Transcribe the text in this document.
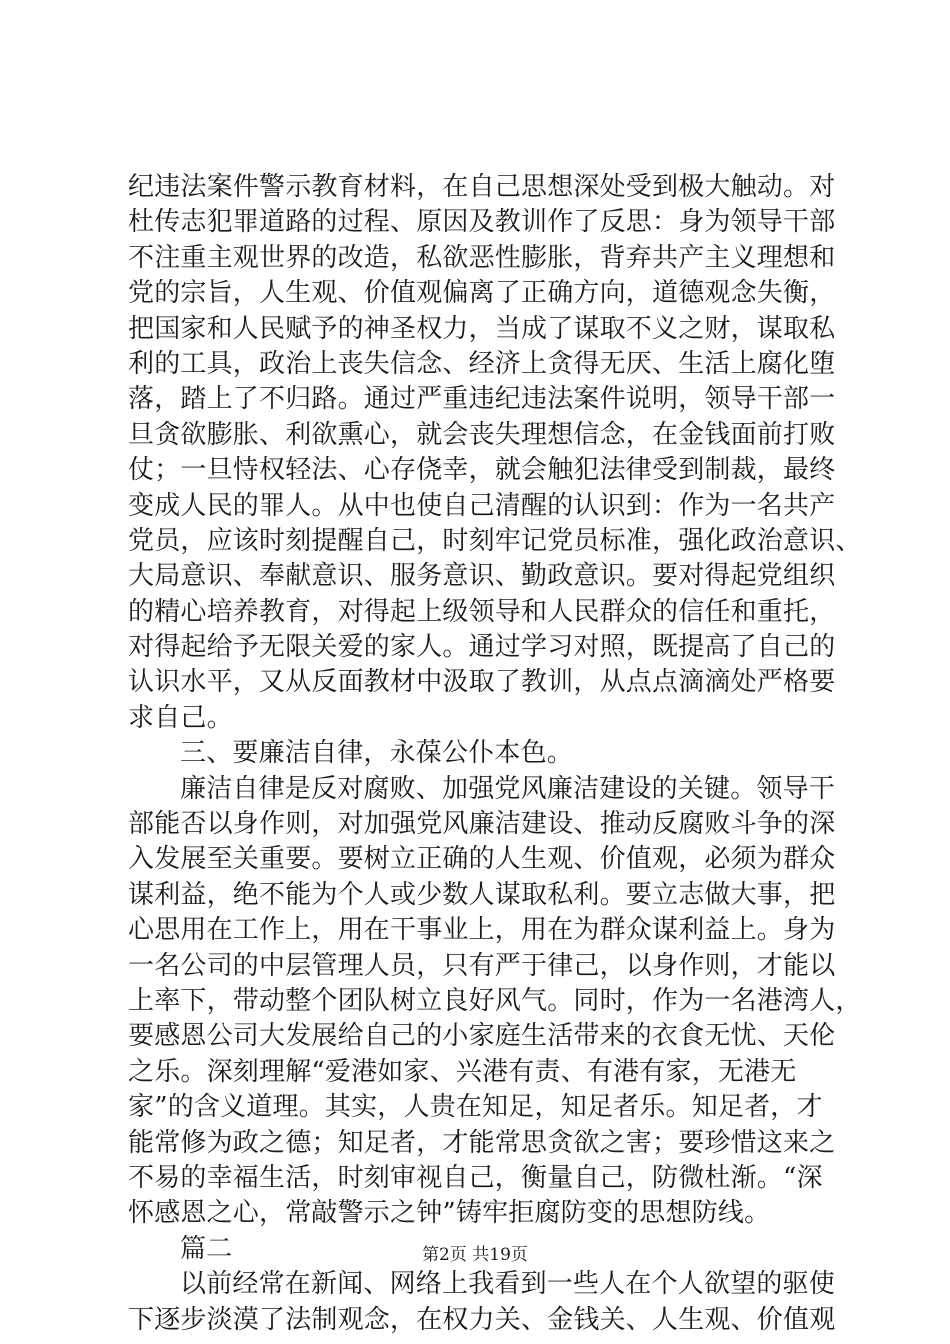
纪违法案件警示教育材料，在自己思想深处受到极大触动。对
杜传志犯罪道路的过程、原因及教训作了反思：身为领导干部
不注重主观世界的改造，私欲恶性膨胀，背弃共产主义理想和
党的宗旨，人生观、价值观偏离了正确方向，道德观念失衡，
把国家和人民赋予的神圣权力，当成了谋取不义之财，谋取私
利的工具，政治上丧失信念、经济上贪得无厌、生活上腐化堕
落，踏上了不归路。通过严重违纪违法案件说明，领导干部一
旦贪欲膨胀、利欲熏心，就会丧失理想信念，在金钱面前打败
仗；一旦恃权轻法、心存侥幸，就会触犯法律受到制裁，最终
变成人民的罪人。从中也使自己清醒的认识到：作为一名共产
党员，应该时刻提醒自己，时刻牢记党员标准，强化政治意识、
大局意识、奉献意识、服务意识、勤政意识。要对得起党组织
的精心培养教育，对得起上级领导和人民群众的信任和重托，
对得起给予无限关爱的家人。通过学习对照，既提高了自己的
认识水平，又从反面教材中汲取了教训，从点点滴滴处严格要
求自己。
三、要廉洁自律，永葆公仆本色。
廉洁自律是反对腐败、加强党风廉洁建设的关键。领导干
部能否以身作则，对加强党风廉洁建设、推动反腐败斗争的深
入发展至关重要。要树立正确的人生观、价值观，必须为群众
谋利益，绝不能为个人或少数人谋取私利。要立志做大事，把
心思用在工作上，用在干事业上，用在为群众谋利益上。身为
一名公司的中层管理人员，只有严于律己，以身作则，才能以
上率下，带动整个团队树立良好风气。同时，作为一名港湾人，
要感恩公司大发展给自己的小家庭生活带来的衣食无忧、天伦
之乐。深刻理解“爱港如家、兴港有责、有港有家，无港无
家”的含义道理。其实，人贵在知足，知足者乐。知足者，才
能常修为政之德；知足者，才能常思贪欲之害；要珍惜这来之
不易的幸福生活，时刻审视自己，衡量自己，防微杜渐。“深
怀感恩之心，常敲警示之钟”铸牢拒腐防变的思想防线。
篇二
以前经常在新闻、网络上我看到一些人在个人欲望的驱使
下逐步淡漠了法制观念，在权力关、金钱关、人生观、价值观
第2页 共19页
